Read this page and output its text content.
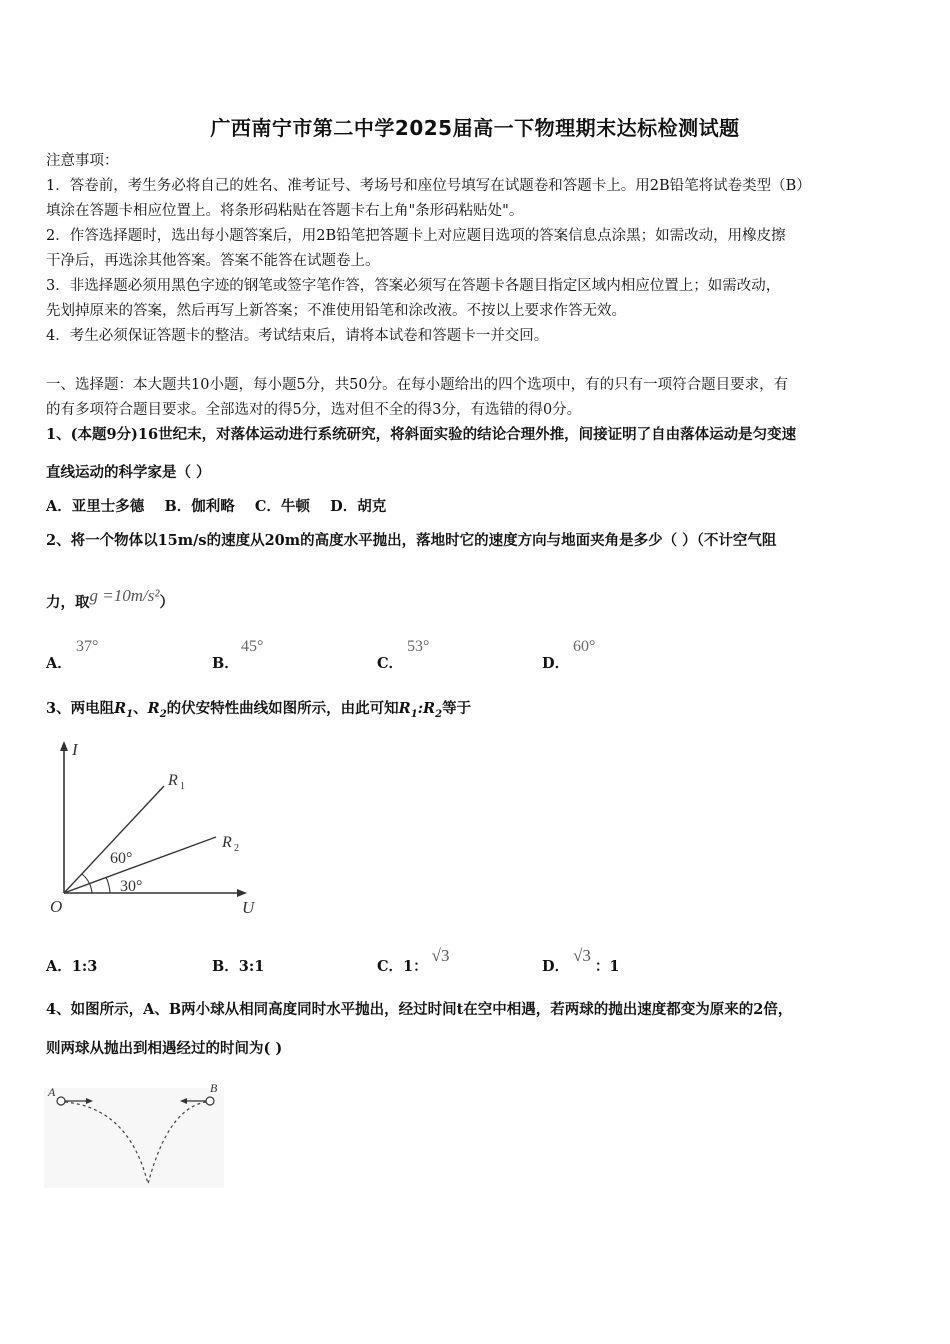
广西南宁市第二中学2025届高一下物理期末达标检测试题
注意事项：
1．答卷前，考生务必将自己的姓名、准考证号、考场号和座位号填写在试题卷和答题卡上。用2B铅笔将试卷类型（B）
填涂在答题卡相应位置上。将条形码粘贴在答题卡右上角"条形码粘贴处"。
2．作答选择题时，选出每小题答案后，用2B铅笔把答题卡上对应题目选项的答案信息点涂黑；如需改动，用橡皮擦
干净后，再选涂其他答案。答案不能答在试题卷上。
3．非选择题必须用黑色字迹的钢笔或签字笔作答，答案必须写在答题卡各题目指定区域内相应位置上；如需改动，
先划掉原来的答案，然后再写上新答案；不准使用铅笔和涂改液。不按以上要求作答无效。
4．考生必须保证答题卡的整洁。考试结束后，请将本试卷和答题卡一并交回。
一、选择题：本大题共10小题，每小题5分，共50分。在每小题给出的四个选项中，有的只有一项符合题目要求，有
的有多项符合题目要求。全部选对的得5分，选对但不全的得3分，有选错的得0分。
1、(本题9分)16世纪末，对落体运动进行系统研究，将斜面实验的结论合理外推，间接证明了自由落体运动是匀变速
直线运动的科学家是（ ）
A．亚里士多德    B．伽利略    C．牛顿    D．胡克
2、将一个物体以15m/s的速度从20m的高度水平抛出，落地时它的速度方向与地面夹角是多少（ ）（不计空气阻
力，取g =10m/s²）
A．
37°
B．
45°
C．
53°
D．
60°
3、两电阻$R_1$、$R_2$的伏安特性曲线如图所示，由此可知$R_1:R_2$等于
I
U
O
R 1
R 2
60°
30°
A．1:3	B．3:1	C．1：√3
D．√3：1
4、如图所示，A、B两小球从相同高度同时水平抛出，经过时间t在空中相遇，若两球的抛出速度都变为原来的2倍，
则两球从抛出到相遇经过的时间为( )
A	B
